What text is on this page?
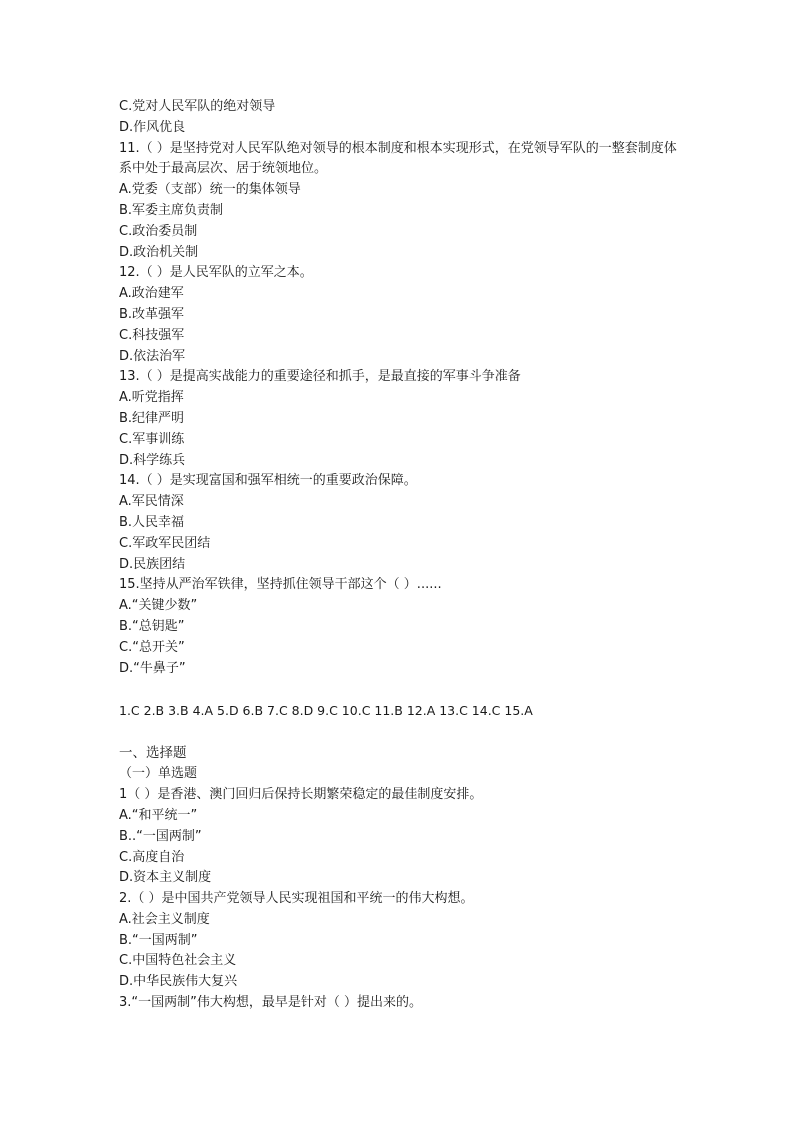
C.党对人民军队的绝对领导
D.作风优良
11.（ ）是坚持党对人民军队绝对领导的根本制度和根本实现形式，在党领导军队的一整套制度体系中处于最高层次、居于统领地位。
A.党委（支部）统一的集体领导
B.军委主席负责制
C.政治委员制
D.政治机关制
12.（ ）是人民军队的立军之本。
A.政治建军
B.改革强军
C.科技强军
D.依法治军
13.（ ）是提高实战能力的重要途径和抓手，是最直接的军事斗争准备
A.听党指挥
B.纪律严明
C.军事训练
D.科学练兵
14.（ ）是实现富国和强军相统一的重要政治保障。
A.军民情深
B.人民幸福
C.军政军民团结
D.民族团结
15.坚持从严治军铁律，坚持抓住领导干部这个（ ）......
A.“关键少数”
B.“总钥匙”
C.“总开关”
D.“牛鼻子”
1.C 2.B 3.B 4.A 5.D 6.B 7.C 8.D 9.C 10.C 11.B 12.A 13.C 14.C 15.A
一、选择题
（一）单选题
1（ ）是香港、澳门回归后保持长期繁荣稳定的最佳制度安排。
A.“和平统一”
B..“一国两制”
C.高度自治
D.资本主义制度
2.（ ）是中国共产党领导人民实现祖国和平统一的伟大构想。
A.社会主义制度
B.“一国两制”
C.中国特色社会主义
D.中华民族伟大复兴
3.“一国两制”伟大构想，最早是针对（ ）提出来的。
